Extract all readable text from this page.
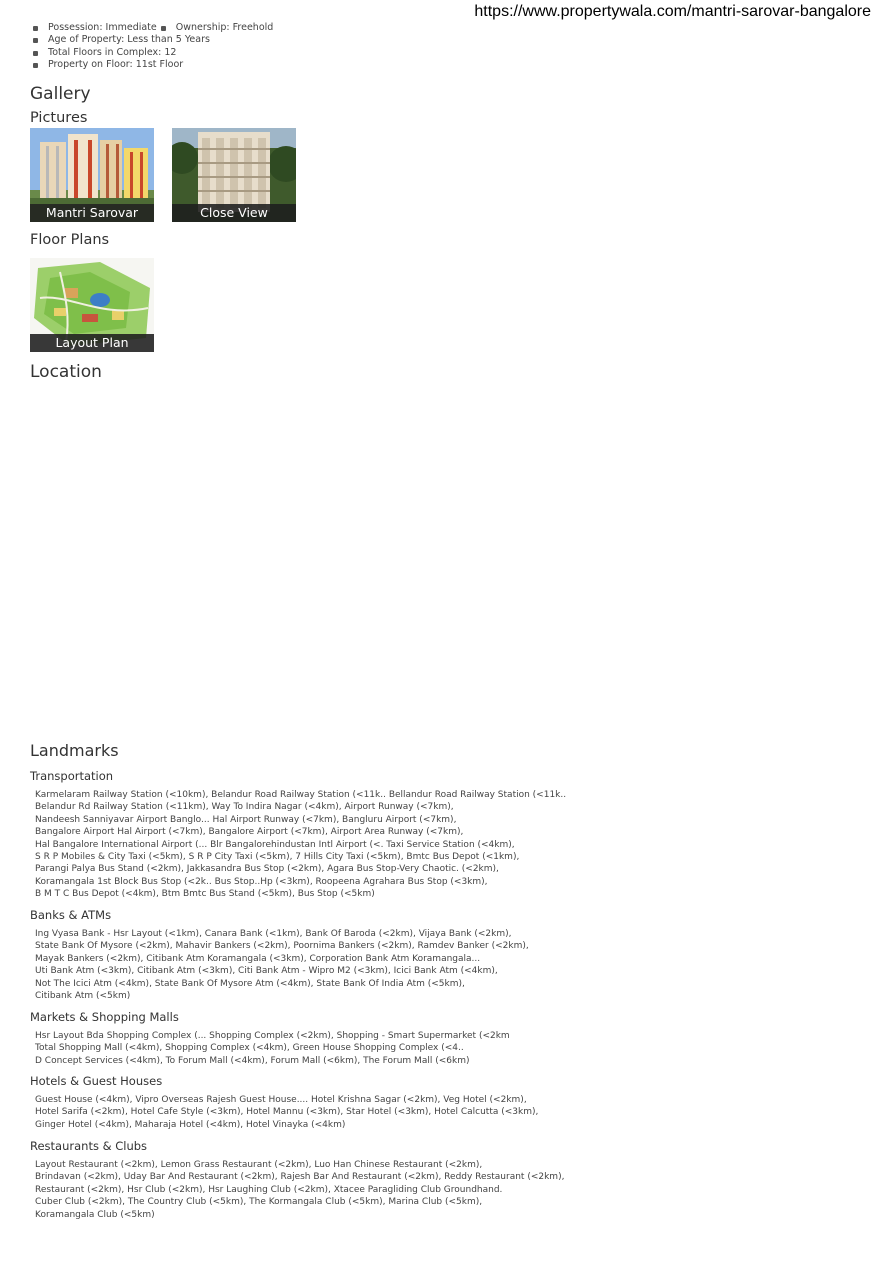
https://www.propertywala.com/mantri-sarovar-bangalore
Possession: Immediate Ownership: Freehold
Age of Property: Less than 5 Years
Total Floors in Complex: 12
Property on Floor: 11st Floor
Gallery
Pictures
Mantri Sarovar	Close View
Floor Plans
Layout Plan
Location
Landmarks
Transportation
Karmelaram Railway Station (<10km), Belandur Road Railway Station (<11k.. Bellandur Road Railway Station (<11k..
Belandur Rd Railway Station (<11km), Way To Indira Nagar (<4km), Airport Runway (<7km),
Nandeesh Sanniyavar Airport Banglo... Hal Airport Runway (<7km), Bangluru Airport (<7km),
Bangalore Airport Hal Airport (<7km), Bangalore Airport (<7km), Airport Area Runway (<7km),
Hal Bangalore International Airport (... Blr Bangalorehindustan Intl Airport (<. Taxi Service Station (<4km),
S R P Mobiles & City Taxi (<5km), S R P City Taxi (<5km), 7 Hills City Taxi (<5km), Bmtc Bus Depot (<1km),
Parangi Palya Bus Stand (<2km), Jakkasandra Bus Stop (<2km), Agara Bus Stop-Very Chaotic. (<2km),
Koramangala 1st Block Bus Stop (<2k.. Bus Stop..Hp (<3km), Roopeena Agrahara Bus Stop (<3km),
B M T C Bus Depot (<4km), Btm Bmtc Bus Stand (<5km), Bus Stop (<5km)
Banks & ATMs
Ing Vyasa Bank - Hsr Layout (<1km), Canara Bank (<1km), Bank Of Baroda (<2km), Vijaya Bank (<2km),
State Bank Of Mysore (<2km), Mahavir Bankers (<2km), Poornima Bankers (<2km), Ramdev Banker (<2km),
Mayak Bankers (<2km), Citibank Atm Koramangala (<3km), Corporation Bank Atm Koramangala...
Uti Bank Atm (<3km), Citibank Atm (<3km), Citi Bank Atm - Wipro M2 (<3km), Icici Bank Atm (<4km),
Not The Icici Atm (<4km), State Bank Of Mysore Atm (<4km), State Bank Of India Atm (<5km),
Citibank Atm (<5km)
Markets & Shopping Malls
Hsr Layout Bda Shopping Complex (... Shopping Complex (<2km), Shopping - Smart Supermarket (<2km
Total Shopping Mall (<4km), Shopping Complex (<4km), Green House Shopping Complex (<4..
D Concept Services (<4km), To Forum Mall (<4km), Forum Mall (<6km), The Forum Mall (<6km)
Hotels & Guest Houses
Guest House (<4km), Vipro Overseas Rajesh Guest House.... Hotel Krishna Sagar (<2km), Veg Hotel (<2km),
Hotel Sarifa (<2km), Hotel Cafe Style (<3km), Hotel Mannu (<3km), Star Hotel (<3km), Hotel Calcutta (<3km),
Ginger Hotel (<4km), Maharaja Hotel (<4km), Hotel Vinayka (<4km)
Restaurants & Clubs
Layout Restaurant (<2km), Lemon Grass Restaurant (<2km), Luo Han Chinese Restaurant (<2km),
Brindavan (<2km), Uday Bar And Restaurant (<2km), Rajesh Bar And Restaurant (<2km), Reddy Restaurant (<2km),
Restaurant (<2km), Hsr Club (<2km), Hsr Laughing Club (<2km), Xtacee Paragliding Club Groundhand.
Cuber Club (<2km), The Country Club (<5km), The Kormangala Club (<5km), Marina Club (<5km),
Koramangala Club (<5km)
